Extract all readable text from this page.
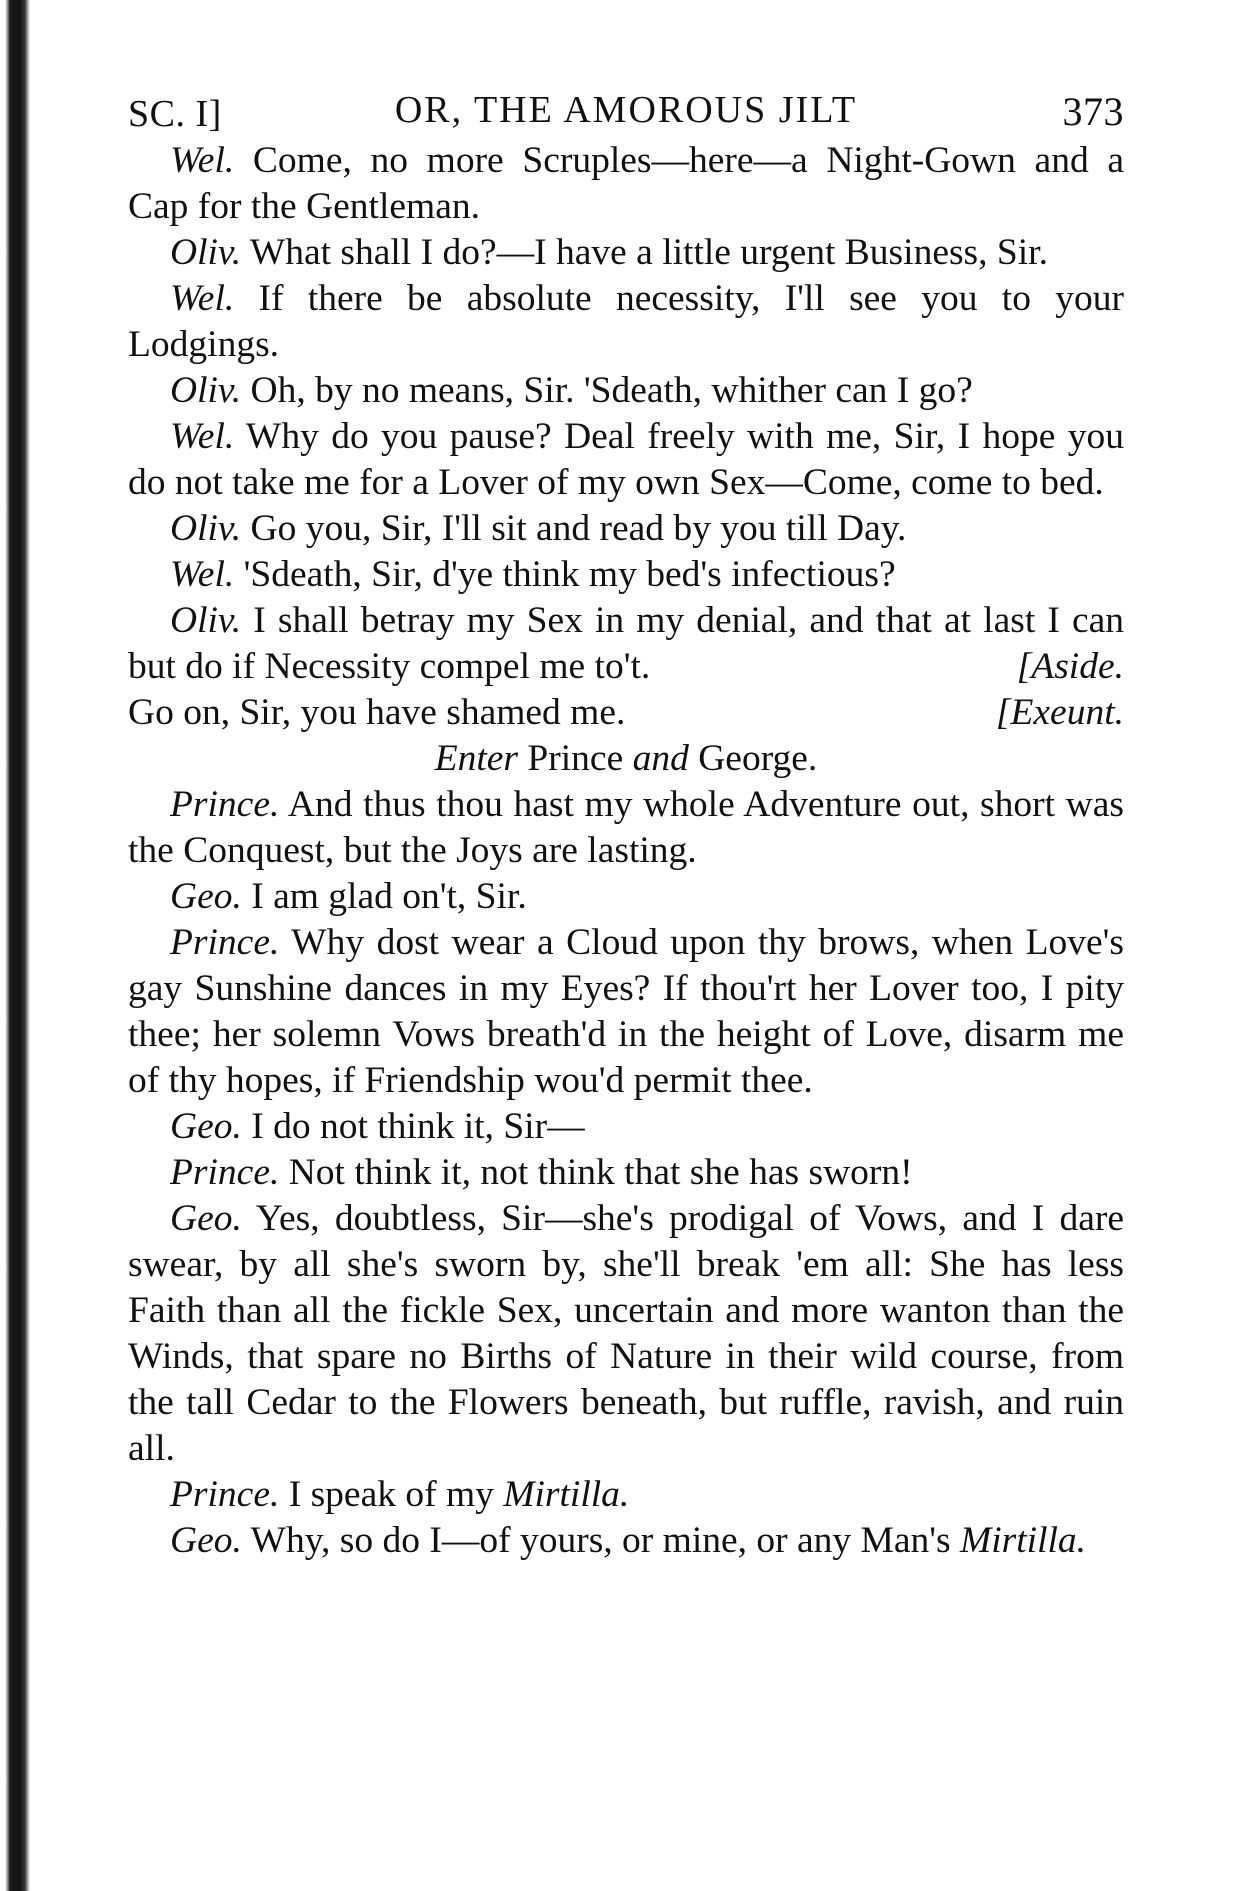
SC. I]	OR, THE AMOROUS JILT	373

Wel. Come, no more Scruples—here—a Night-Gown and a Cap for the Gentleman.

Oliv. What shall I do?—I have a little urgent Business, Sir.

Wel. If there be absolute necessity, I'll see you to your Lodgings.

Oliv. Oh, by no means, Sir. 'Sdeath, whither can I go?

Wel. Why do you pause? Deal freely with me, Sir, I hope you do not take me for a Lover of my own Sex—Come, come to bed.

Oliv. Go you, Sir, I'll sit and read by you till Day.

Wel. 'Sdeath, Sir, d'ye think my bed's infectious?

Oliv. I shall betray my Sex in my denial, and that at last I can but do if Necessity compel me to't.	[Aside.

Go on, Sir, you have shamed me.	[Exeunt.

Enter Prince and George.

Prince. And thus thou hast my whole Adventure out, short was the Conquest, but the Joys are lasting.

Geo. I am glad on't, Sir.

Prince. Why dost wear a Cloud upon thy brows, when Love's gay Sunshine dances in my Eyes? If thou'rt her Lover too, I pity thee; her solemn Vows breath'd in the height of Love, disarm me of thy hopes, if Friendship wou'd permit thee.

Geo. I do not think it, Sir—

Prince. Not think it, not think that she has sworn!

Geo. Yes, doubtless, Sir—she's prodigal of Vows, and I dare swear, by all she's sworn by, she'll break 'em all: She has less Faith than all the fickle Sex, uncertain and more wanton than the Winds, that spare no Births of Nature in their wild course, from the tall Cedar to the Flowers beneath, but ruffle, ravish, and ruin all.

Prince. I speak of my Mirtilla.

Geo. Why, so do I—of yours, or mine, or any Man's Mirtilla.
